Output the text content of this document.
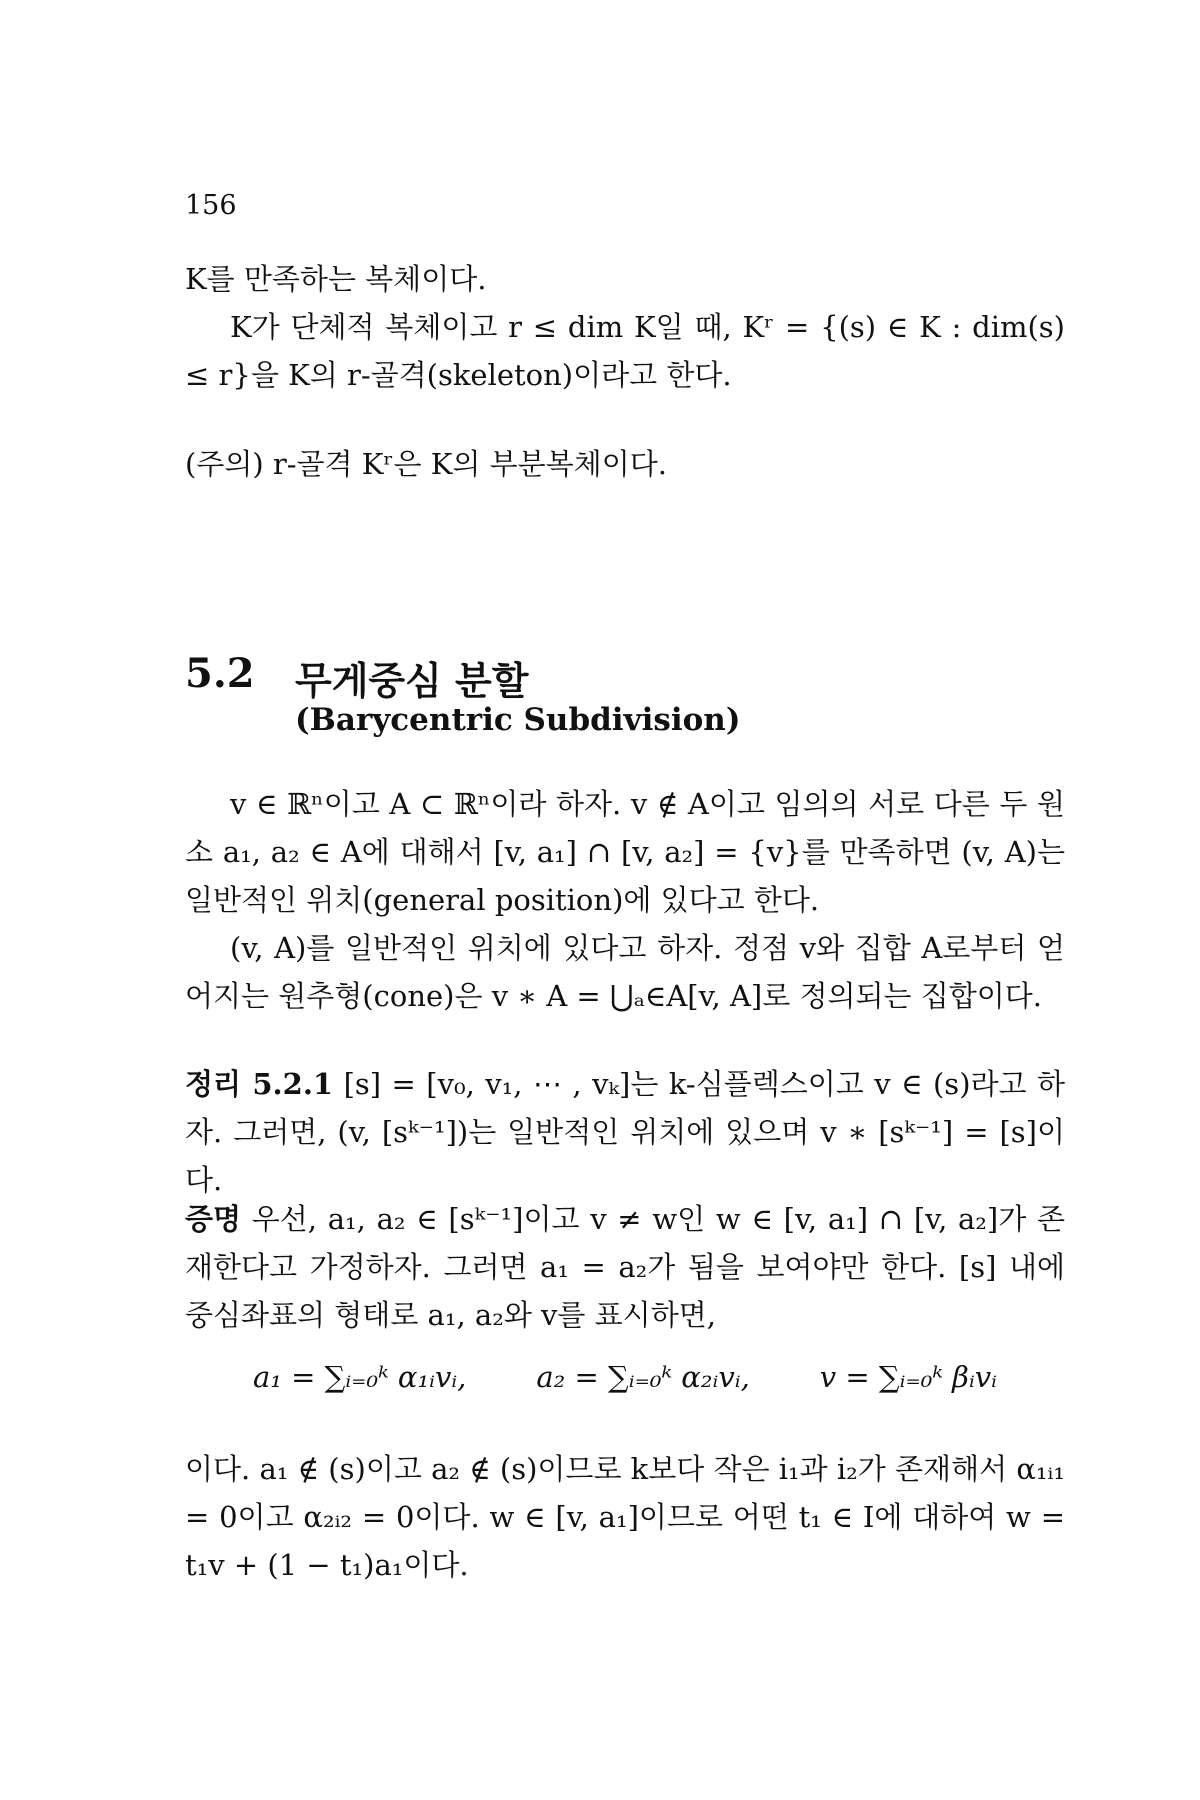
156

K를 만족하는 복체이다.

K가 단체적 복체이고 r ≤ dim K일 때, Kʳ = {(s) ∈ K : dim(s) ≤ r}을 K의 r-골격(skeleton)이라고 한다.

(주의) r-골격 Kʳ은 K의 부분복체이다.

5.2 무게중심 분할
(Barycentric Subdivision)

v ∈ ℝⁿ이고 A ⊂ ℝⁿ이라 하자. v ∉ A이고 임의의 서로 다른 두 원소 a₁, a₂ ∈ A에 대해서 [v, a₁] ∩ [v, a₂] = {v}를 만족하면 (v, A)는 일반적인 위치(general position)에 있다고 한다.

(v, A)를 일반적인 위치에 있다고 하자. 정점 v와 집합 A로부터 얻어지는 원추형(cone)은 v ∗ A = ⋃ₐ∈A[v, A]로 정의되는 집합이다.

정리 5.2.1 [s] = [v₀, v₁, ⋯ , vₖ]는 k-심플렉스이고 v ∈ (s)라고 하자. 그러면, (v, [sᵏ⁻¹])는 일반적인 위치에 있으며 v ∗ [sᵏ⁻¹] = [s]이다.

증명 우선, a₁, a₂ ∈ [sᵏ⁻¹]이고 v ≠ w인 w ∈ [v, a₁] ∩ [v, a₂]가 존재한다고 가정하자. 그러면 a₁ = a₂가 됨을 보여야만 한다. [s] 내에 중심좌표의 형태로 a₁, a₂와 v를 표시하면,

a₁ = ∑ᵢ₌₀ᵏ α₁ᵢvᵢ, a₂ = ∑ᵢ₌₀ᵏ α₂ᵢvᵢ, v = ∑ᵢ₌₀ᵏ βᵢvᵢ

이다. a₁ ∉ (s)이고 a₂ ∉ (s)이므로 k보다 작은 i₁과 i₂가 존재해서 α₁ᵢ₁ = 0이고 α₂ᵢ₂ = 0이다. w ∈ [v, a₁]이므로 어떤 t₁ ∈ I에 대하여 w = t₁v + (1 − t₁)a₁이다.
